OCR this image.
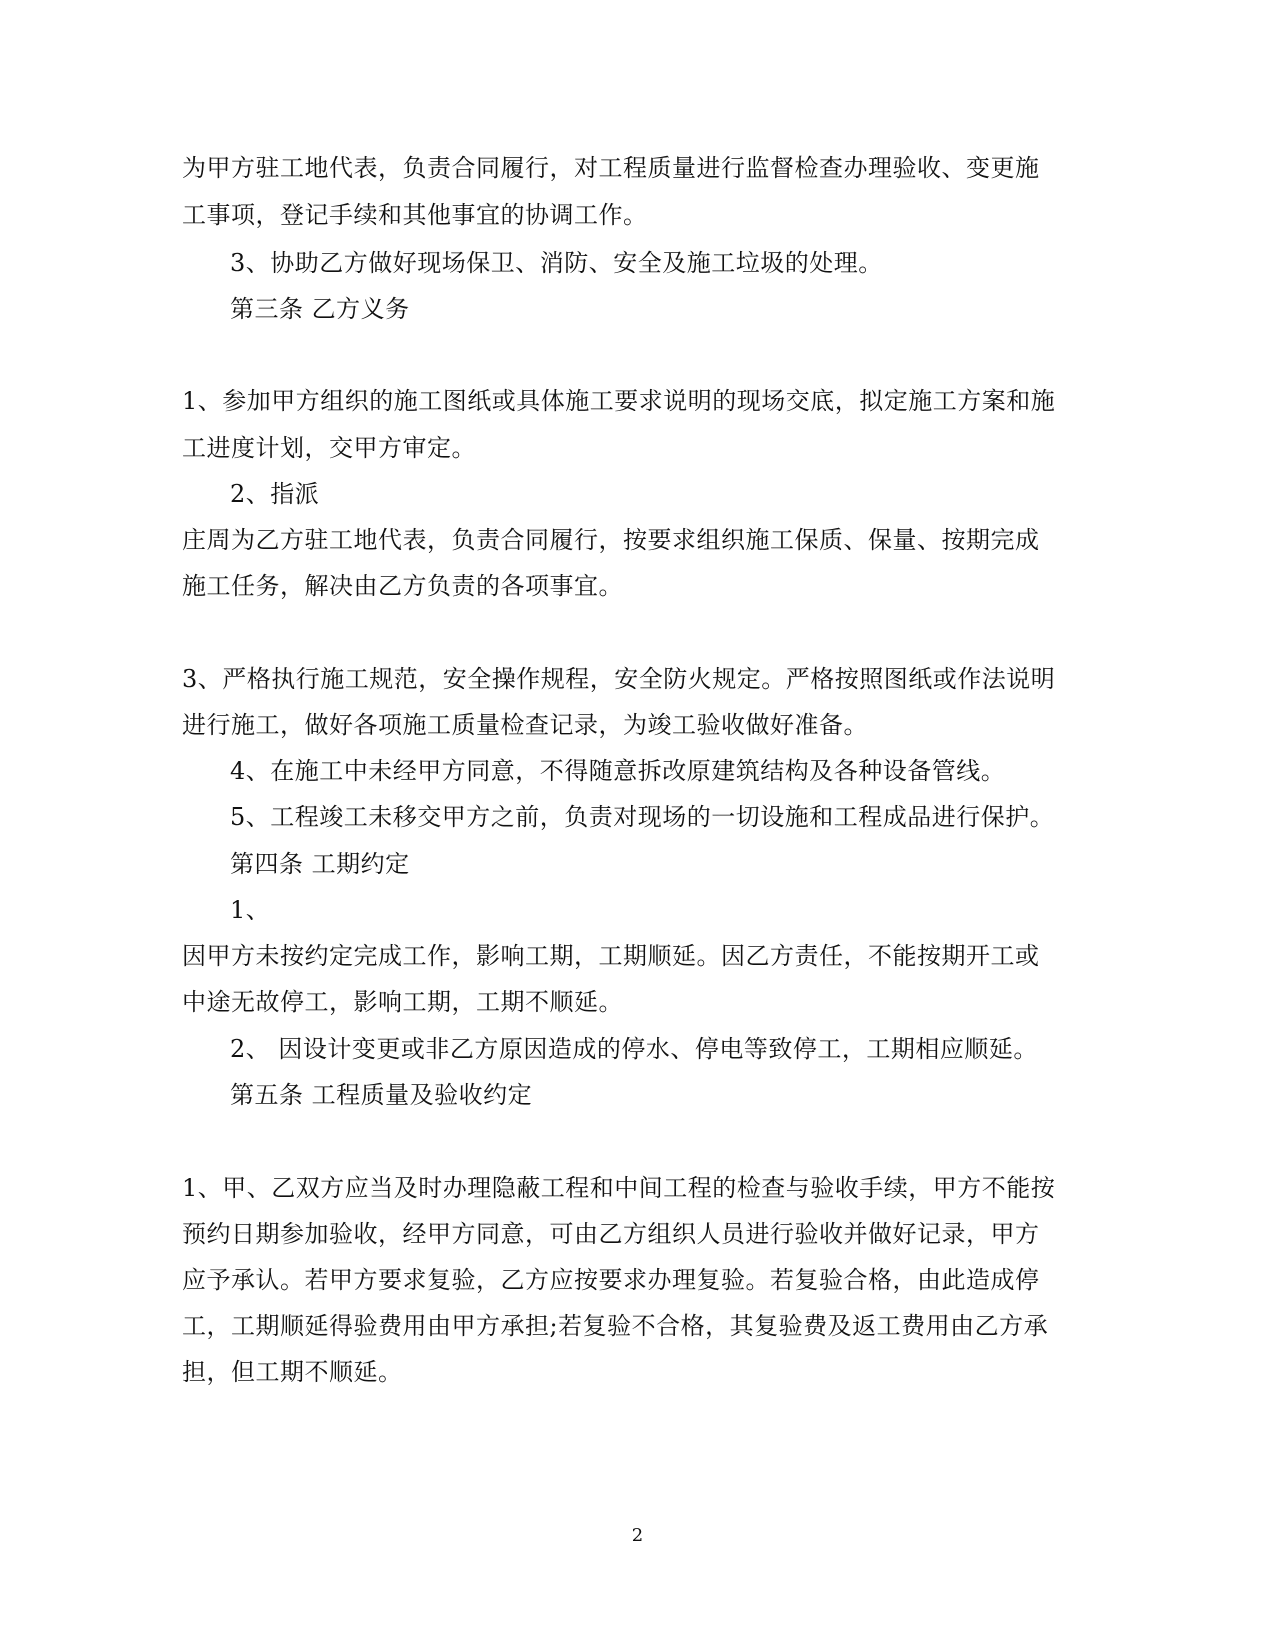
为甲方驻工地代表，负责合同履行，对工程质量进行监督检查办理验收、变更施
工事项，登记手续和其他事宜的协调工作。
3、协助乙方做好现场保卫、消防、安全及施工垃圾的处理。
第三条 乙方义务
1、参加甲方组织的施工图纸或具体施工要求说明的现场交底，拟定施工方案和施
工进度计划，交甲方审定。
2、指派
庄周为乙方驻工地代表，负责合同履行，按要求组织施工保质、保量、按期完成
施工任务，解决由乙方负责的各项事宜。
3、严格执行施工规范，安全操作规程，安全防火规定。严格按照图纸或作法说明
进行施工，做好各项施工质量检查记录，为竣工验收做好准备。
4、在施工中未经甲方同意，不得随意拆改原建筑结构及各种设备管线。
5、工程竣工未移交甲方之前，负责对现场的一切设施和工程成品进行保护。
第四条 工期约定
1、
因甲方未按约定完成工作，影响工期，工期顺延。因乙方责任，不能按期开工或
中途无故停工，影响工期，工期不顺延。
2、 因设计变更或非乙方原因造成的停水、停电等致停工，工期相应顺延。
第五条 工程质量及验收约定
1、甲、乙双方应当及时办理隐蔽工程和中间工程的检查与验收手续，甲方不能按
预约日期参加验收，经甲方同意，可由乙方组织人员进行验收并做好记录，甲方
应予承认。若甲方要求复验，乙方应按要求办理复验。若复验合格，由此造成停
工，工期顺延得验费用由甲方承担;若复验不合格，其复验费及返工费用由乙方承
担，但工期不顺延。
2
